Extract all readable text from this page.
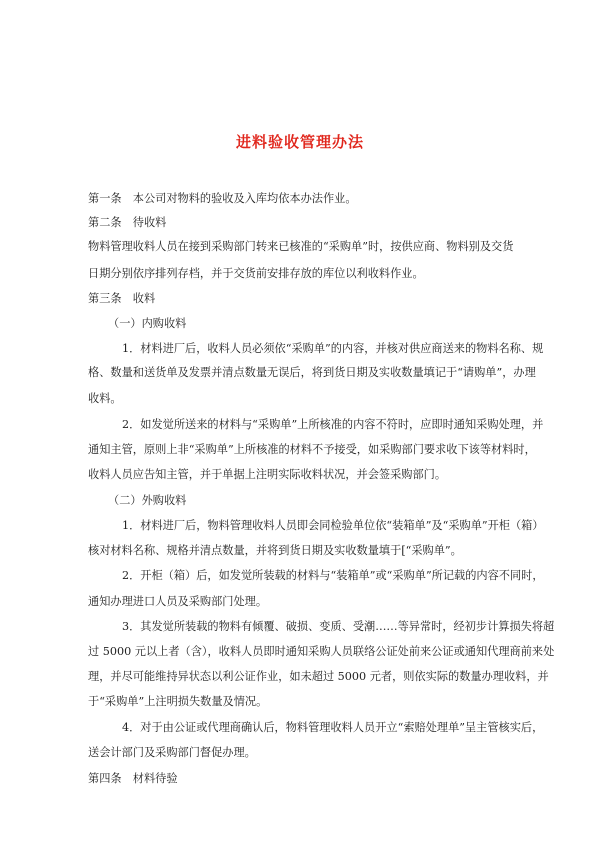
进料验收管理办法
第一条　本公司对物料的验收及入库均依本办法作业。
第二条　待收料
物料管理收料人员在接到采购部门转来已核准的“采购单”时，按供应商、物料别及交货
日期分别依序排列存档，并于交货前安排存放的库位以利收料作业。
第三条　收料
（一）内购收料
1．材料进厂后，收料人员必须依“采购单”的内容，并核对供应商送来的物料名称、规
格、数量和送货单及发票并清点数量无误后，将到货日期及实收数量填记于“请购单”，办理
收料。
2．如发觉所送来的材料与“采购单”上所核准的内容不符时，应即时通知采购处理，并
通知主管，原则上非“采购单”上所核准的材料不予接受，如采购部门要求收下该等材料时，
收料人员应告知主管，并于单据上注明实际收料状况，并会签采购部门。
（二）外购收料
1．材料进厂后，物料管理收料人员即会同检验单位依“装箱单”及“采购单”开柜（箱）
核对材料名称、规格并清点数量，并将到货日期及实收数量填于[“采购单”。
2．开柜（箱）后，如发觉所装载的材料与“装箱单”或“采购单”所记载的内容不同时，
通知办理进口人员及采购部门处理。
3．其发觉所装载的物料有倾覆、破损、变质、受潮……等异常时，经初步计算损失将超
过 5000 元以上者（含），收料人员即时通知采购人员联络公证处前来公证或通知代理商前来处
理，并尽可能维持异状态以利公证作业，如未超过 5000 元者，则依实际的数量办理收料，并
于“采购单”上注明损失数量及情况。
4．对于由公证或代理商确认后，物料管理收料人员开立“索赔处理单”呈主管核实后，
送会计部门及采购部门督促办理。
第四条　材料待验
